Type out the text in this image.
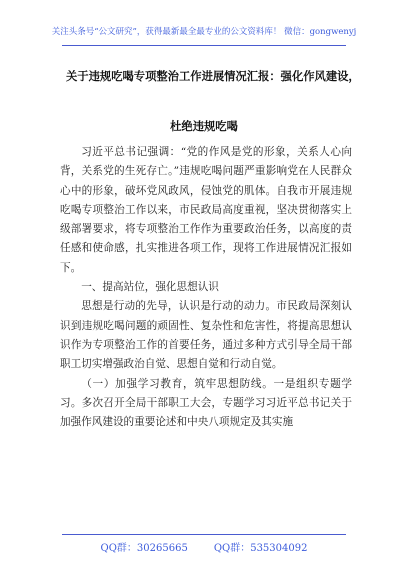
关注头条号“公文研究”，获得最新最全最专业的公文资料库！ 微信：gongwenyj
关于违规吃喝专项整治工作进展情况汇报：强化作风建设，
杜绝违规吃喝

习近平总书记强调：“党的作风是党的形象，关系人心向背，关系党的生死存亡。”违规吃喝问题严重影响党在人民群众心中的形象，破坏党风政风，侵蚀党的肌体。自我市开展违规吃喝专项整治工作以来，市民政局高度重视，坚决贯彻落实上级部署要求，将专项整治工作作为重要政治任务，以高度的责任感和使命感，扎实推进各项工作，现将工作进展情况汇报如下。

一、提高站位，强化思想认识

思想是行动的先导，认识是行动的动力。市民政局深刻认识到违规吃喝问题的顽固性、复杂性和危害性，将提高思想认识作为专项整治工作的首要任务，通过多种方式引导全局干部职工切实增强政治自觉、思想自觉和行动自觉。

（一）加强学习教育，筑牢思想防线。一是组织专题学习。多次召开全局干部职工大会，专题学习习近平总书记关于加强作风建设的重要论述和中央八项规定及其实施

QQ群：30265665	QQ群：535304092
